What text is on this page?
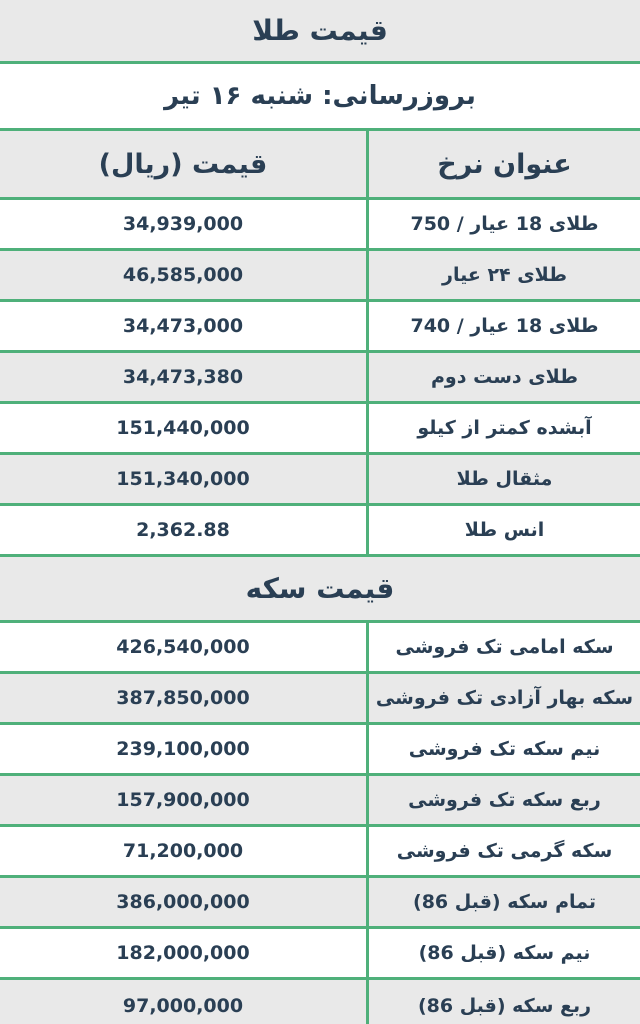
قیمت طلا
بروزرسانی: شنبه ۱۶ تیر
عنوان نرخ
قیمت (ریال)
طلای 18 عیار / 750
34,939,000
طلای ۲۴ عیار
46,585,000
طلای 18 عیار / 740
34,473,000
طلای دست دوم
34,473,380
آبشده کمتر از کیلو
151,440,000
مثقال طلا
151,340,000
انس طلا
2,362.88
قیمت سکه
سکه امامی تک فروشی
426,540,000
سکه بهار آزادی تک فروشی
387,850,000
نیم سکه تک فروشی
239,100,000
ربع سکه تک فروشی
157,900,000
سکه گرمی تک فروشی
71,200,000
تمام سکه (قبل 86)
386,000,000
نیم سکه (قبل 86)
182,000,000
ربع سکه (قبل 86)
97,000,000
